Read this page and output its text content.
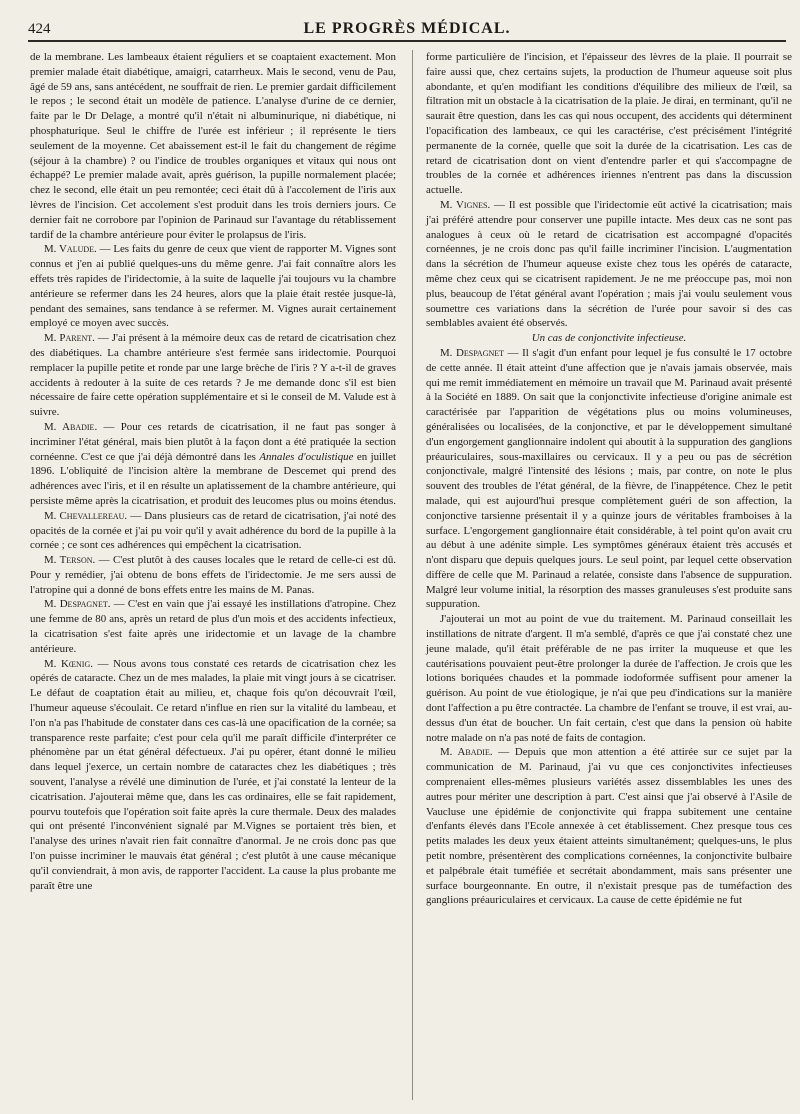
424	LE PROGRÈS MÉDICAL.

de la membrane. Les lambeaux étaient réguliers et se coaptaient exactement. Mon premier malade était diabétique, amaigri, catarrheux. Mais le second, venu de Pau, âgé de 59 ans, sans antécédent, ne souffrait de rien. Le premier gardait difficilement le repos ; le second était un modèle de patience. L'analyse d'urine de ce dernier, faite par le Dr Delage, a montré qu'il n'était ni albuminurique, ni diabétique, ni phosphaturique. Seul le chiffre de l'urée est inférieur ; il représente le tiers seulement de la moyenne. Cet abaissement est-il le fait du changement de régime (séjour à la chambre) ? ou l'indice de troubles organiques et vitaux qui nous ont échappé? Le premier malade avait, après guérison, la pupille normalement placée; chez le second, elle était un peu remontée; ceci était dû à l'accolement de l'iris aux lèvres de l'incision. Cet accolement s'est produit dans les trois derniers jours. Ce dernier fait ne corrobore par l'opinion de Parinaud sur l'avantage du rétablissement tardif de la chambre antérieure pour éviter le prolapsus de l'iris.

M. Valude. — Les faits du genre de ceux que vient de rapporter M. Vignes sont connus et j'en ai publié quelques-uns du même genre. J'ai fait connaître alors les effets très rapides de l'iridectomie, à la suite de laquelle j'ai toujours vu la chambre antérieure se refermer dans les 24 heures, alors que la plaie était restée jusque-là, pendant des semaines, sans tendance à se refermer. M. Vignes aurait certainement employé ce moyen avec succès.

M. Parent. — J'ai présent à la mémoire deux cas de retard de cicatrisation chez des diabétiques. La chambre antérieure s'est fermée sans iridectomie. Pourquoi remplacer la pupille petite et ronde par une large brèche de l'iris ? Y a-t-il de graves accidents à redouter à la suite de ces retards ? Je me demande donc s'il est bien nécessaire de faire cette opération supplémentaire et si le conseil de M. Valude est à suivre.

M. Abadie. — Pour ces retards de cicatrisation, il ne faut pas songer à incriminer l'état général, mais bien plutôt à la façon dont a été pratiquée la section cornéenne. C'est ce que j'ai déjà démontré dans les Annales d'oculistique en juillet 1896. L'obliquité de l'incision altère la membrane de Descemet qui prend des adhérences avec l'iris, et il en résulte un aplatissement de la chambre antérieure, qui persiste même après la cicatrisation, et produit des leucomes plus ou moins étendus.

M. Chevallereau. — Dans plusieurs cas de retard de cicatrisation, j'ai noté des opacités de la cornée et j'ai pu voir qu'il y avait adhérence du bord de la pupille à la cornée ; ce sont ces adhérences qui empêchent la cicatrisation.

M. Terson. — C'est plutôt à des causes locales que le retard de celle-ci est dû. Pour y remédier, j'ai obtenu de bons effets de l'iridectomie. Je me sers aussi de l'atropine qui a donné de bons effets entre les mains de M. Panas.

M. Despagnet. — C'est en vain que j'ai essayé les instillations d'atropine. Chez une femme de 80 ans, après un retard de plus d'un mois et des accidents infectieux, la cicatrisation s'est faite après une iridectomie et un lavage de la chambre antérieure.

M. Kœnig. — Nous avons tous constaté ces retards de cicatrisation chez les opérés de cataracte. Chez un de mes malades, la plaie mit vingt jours à se cicatriser. Le défaut de coaptation était au milieu, et, chaque fois qu'on découvrait l'œil, l'humeur aqueuse s'écoulait. Ce retard n'influe en rien sur la vitalité du lambeau, et l'on n'a pas l'habitude de constater dans ces cas-là une opacification de la cornée; sa transparence reste parfaite; c'est pour cela qu'il me paraît difficile d'interpréter ce phénomène par un état général défectueux. J'ai pu opérer, étant donné le milieu dans lequel j'exerce, un certain nombre de cataractes chez les diabétiques ; très souvent, l'analyse a révélé une diminution de l'urée, et j'ai constaté la lenteur de la cicatrisation. J'ajouterai même que, dans les cas ordinaires, elle se fait rapidement, pourvu toutefois que l'opération soit faite après la cure thermale. Deux des malades qui ont présenté l'inconvénient signalé par M.Vignes se portaient très bien, et l'analyse des urines n'avait rien fait connaître d'anormal. Je ne crois donc pas que l'on puisse incriminer le mauvais état général ; c'est plutôt à une cause mécanique qu'il conviendrait, à mon avis, de rapporter l'accident. La cause la plus probante me paraît être une

forme particulière de l'incision, et l'épaisseur des lèvres de la plaie. Il pourrait se faire aussi que, chez certains sujets, la production de l'humeur aqueuse soit plus abondante, et qu'en modifiant les conditions d'équilibre des milieux de l'œil, sa filtration mit un obstacle à la cicatrisation de la plaie. Je dirai, en terminant, qu'il ne saurait être question, dans les cas qui nous occupent, des accidents qui déterminent l'opacification des lambeaux, ce qui les caractérise, c'est précisément l'intégrité permanente de la cornée, quelle que soit la durée de la cicatrisation. Les cas de retard de cicatrisation dont on vient d'entendre parler et qui s'accompagne de troubles de la cornée et adhérences iriennes n'entrent pas dans la discussion actuelle.

M. Vignes. — Il est possible que l'iridectomie eût activé la cicatrisation; mais j'ai préféré attendre pour conserver une pupille intacte. Mes deux cas ne sont pas analogues à ceux où le retard de cicatrisation est accompagné d'opacités cornéennes, je ne crois donc pas qu'il faille incriminer l'incision. L'augmentation dans la sécrétion de l'humeur aqueuse existe chez tous les opérés de cataracte, même chez ceux qui se cicatrisent rapidement. Je ne me préoccupe pas, moi non plus, beaucoup de l'état général avant l'opération ; mais j'ai voulu seulement vous soumettre ces variations dans la sécrétion de l'urée pour savoir si des cas semblables avaient été observés.

Un cas de conjonctivite infectieuse.

M. Despagnet — Il s'agit d'un enfant pour lequel je fus consulté le 17 octobre de cette année. Il était atteint d'une affection que je n'avais jamais observée, mais qui me remit immédiatement en mémoire un travail que M. Parinaud avait présenté à la Société en 1889. On sait que la conjonctivite infectieuse d'origine animale est caractérisée par l'apparition de végétations plus ou moins volumineuses, généralisées ou localisées, de la conjonctive, et par le développement simultané d'un engorgement ganglionnaire indolent qui aboutit à la suppuration des ganglions préauriculaires, sous-maxillaires ou cervicaux. Il y a peu ou pas de sécrétion conjonctivale, malgré l'intensité des lésions ; mais, par contre, on note le plus souvent des troubles de l'état général, de la fièvre, de l'inappétence. Chez le petit malade, qui est aujourd'hui presque complètement guéri de son affection, la conjonctive tarsienne présentait il y a quinze jours de véritables framboises à la surface. L'engorgement ganglionnaire était considérable, à tel point qu'on avait cru au début à une adénite simple. Les symptômes généraux étaient très accusés et n'ont disparu que depuis quelques jours. Le seul point, par lequel cette observation diffère de celle que M. Parinaud a relatée, consiste dans l'absence de suppuration. Malgré leur volume initial, la résorption des masses granuleuses s'est produite sans suppuration.

J'ajouterai un mot au point de vue du traitement. M. Parinaud conseillait les instillations de nitrate d'argent. Il m'a semblé, d'après ce que j'ai constaté chez une jeune malade, qu'il était préférable de ne pas irriter la muqueuse et que les cautérisations pouvaient peut-être prolonger la durée de l'affection. Je crois que les lotions boriquées chaudes et la pommade iodoformée suffisent pour amener la guérison. Au point de vue étiologique, je n'ai que peu d'indications sur la manière dont l'affection a pu être contractée. La chambre de l'enfant se trouve, il est vrai, au-dessus d'un état de boucher. Un fait certain, c'est que dans la pension où habite notre malade on n'a pas noté de faits de contagion.

M. Abadie. — Depuis que mon attention a été attirée sur ce sujet par la communication de M. Parinaud, j'ai vu que ces conjonctivites infectieuses comprenaient elles-mêmes plusieurs variétés assez dissemblables les unes des autres pour mériter une description à part. C'est ainsi que j'ai observé à l'Asile de Vaucluse une épidémie de conjonctivite qui frappa subitement une centaine d'enfants élevés dans l'Ecole annexée à cet établissement. Chez presque tous ces petits malades les deux yeux étaient atteints simultanément; quelques-uns, le plus petit nombre, présentèrent des complications cornéennes, la conjonctivite bulbaire et palpébrale était tuméfiée et secrétait abondamment, mais sans présenter une surface bourgeonnante. En outre, il n'existait presque pas de tuméfaction des ganglions préauriculaires et cervicaux. La cause de cette épidémie ne fut
